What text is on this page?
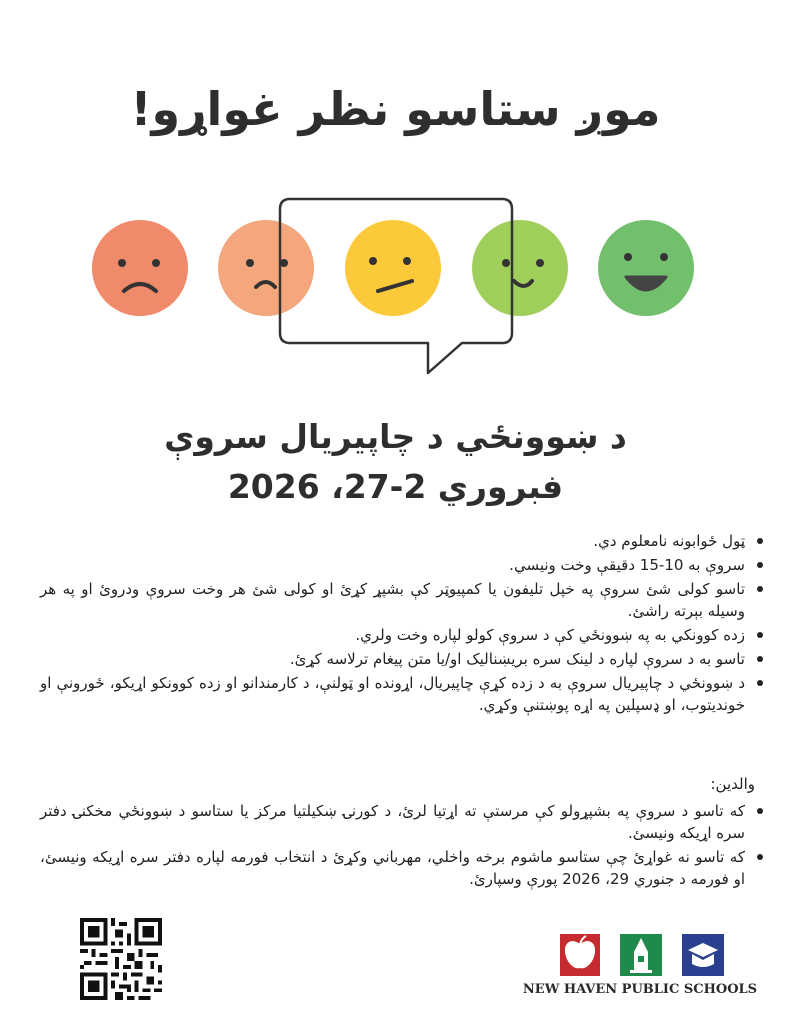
موږ ستاسو نظر غواړو!
د ښوونځي د چاپیریال سروې
فبروري 2-27، 2026
ټول ځوابونه نامعلوم دي.
سروې به 10-15 دقیقې وخت ونیسي.
تاسو کولی شئ سروې په خپل تلیفون یا کمپیوټر کې بشپړ کړئ او کولی شئ هر وخت سروې ودروئ او په هر وسیله بېرته راشئ.
زده کوونکي به په ښوونځي کې د سروې کولو لپاره وخت ولري.
تاسو به د سروې لپاره د لینک سره بریښنالیک او/یا متن پیغام ترلاسه کړئ.
د ښوونځي د چاپیریال سروې به د زده کړې چاپیریال، اړونده او ټولنې، د کارمندانو او زده کوونکو اړیکو، ځورونې او خوندیتوب، او ډسپلین په اړه پوښتنې وکړي.
:والدین
که تاسو د سروې په بشپړولو کې مرستې ته اړتیا لرئ، د کورنۍ ښکیلتیا مرکز یا ستاسو د ښوونځي مخکنۍ دفتر سره اړیکه ونیسئ.
که تاسو نه غواړئ چې ستاسو ماشوم برخه واخلي، مهرباني وکړئ د انتخاب فورمه لپاره دفتر سره اړیکه ونیسئ، او فورمه د جنوري 29، 2026 پورې وسپارئ.
NEW HAVEN PUBLIC SCHOOLS
